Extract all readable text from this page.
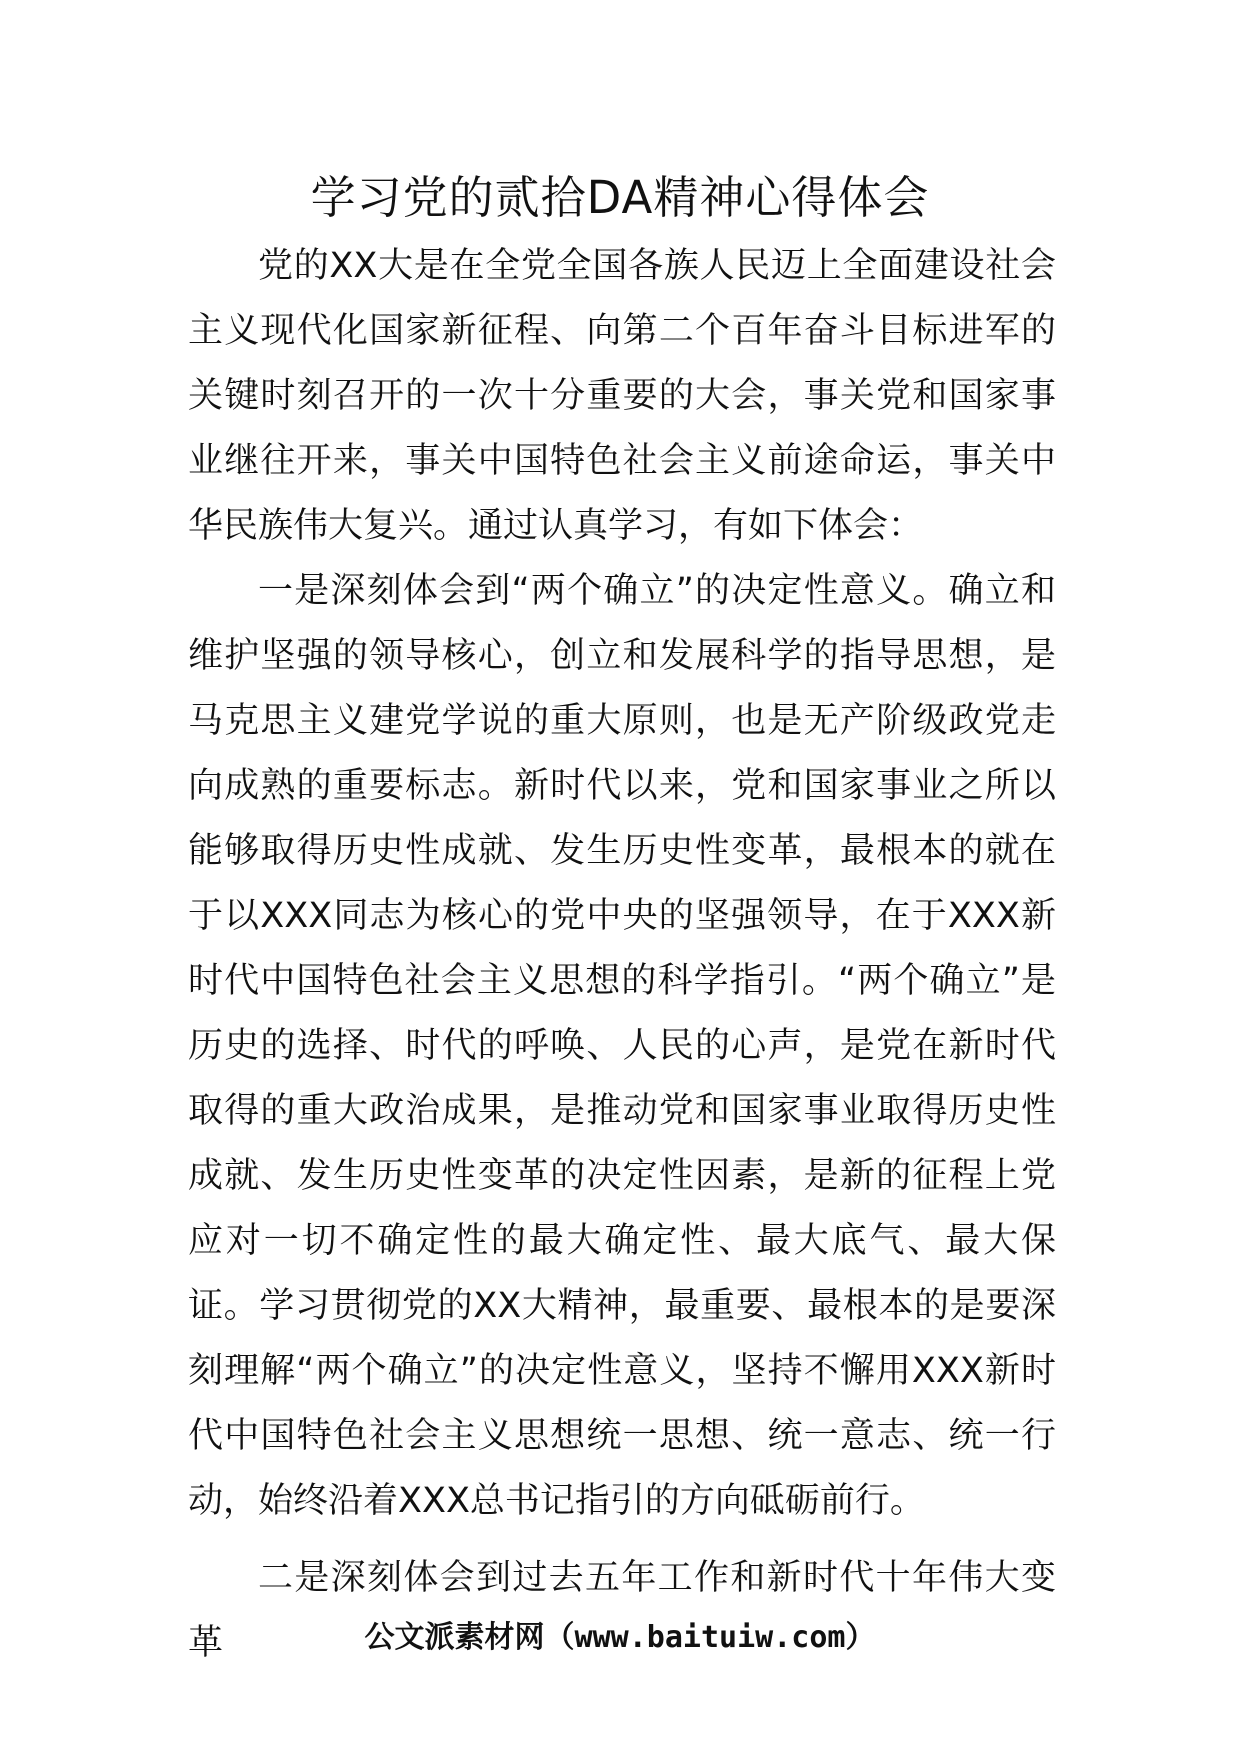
学习党的贰拾DA精神心得体会

党的XX大是在全党全国各族人民迈上全面建设社会主义现代化国家新征程、向第二个百年奋斗目标进军的关键时刻召开的一次十分重要的大会，事关党和国家事业继往开来，事关中国特色社会主义前途命运，事关中华民族伟大复兴。通过认真学习，有如下体会：

一是深刻体会到“两个确立”的决定性意义。确立和维护坚强的领导核心，创立和发展科学的指导思想，是马克思主义建党学说的重大原则，也是无产阶级政党走向成熟的重要标志。新时代以来，党和国家事业之所以能够取得历史性成就、发生历史性变革，最根本的就在于以XXX同志为核心的党中央的坚强领导，在于XXX新时代中国特色社会主义思想的科学指引。“两个确立”是历史的选择、时代的呼唤、人民的心声，是党在新时代取得的重大政治成果，是推动党和国家事业取得历史性成就、发生历史性变革的决定性因素，是新的征程上党应对一切不确定性的最大确定性、最大底气、最大保证。学习贯彻党的XX大精神，最重要、最根本的是要深刻理解“两个确立”的决定性意义，坚持不懈用XXX新时代中国特色社会主义思想统一思想、统一意志、统一行动，始终沿着XXX总书记指引的方向砥砺前行。

二是深刻体会到过去五年工作和新时代十年伟大变革	公文派素材网（www.baituiw.com）
